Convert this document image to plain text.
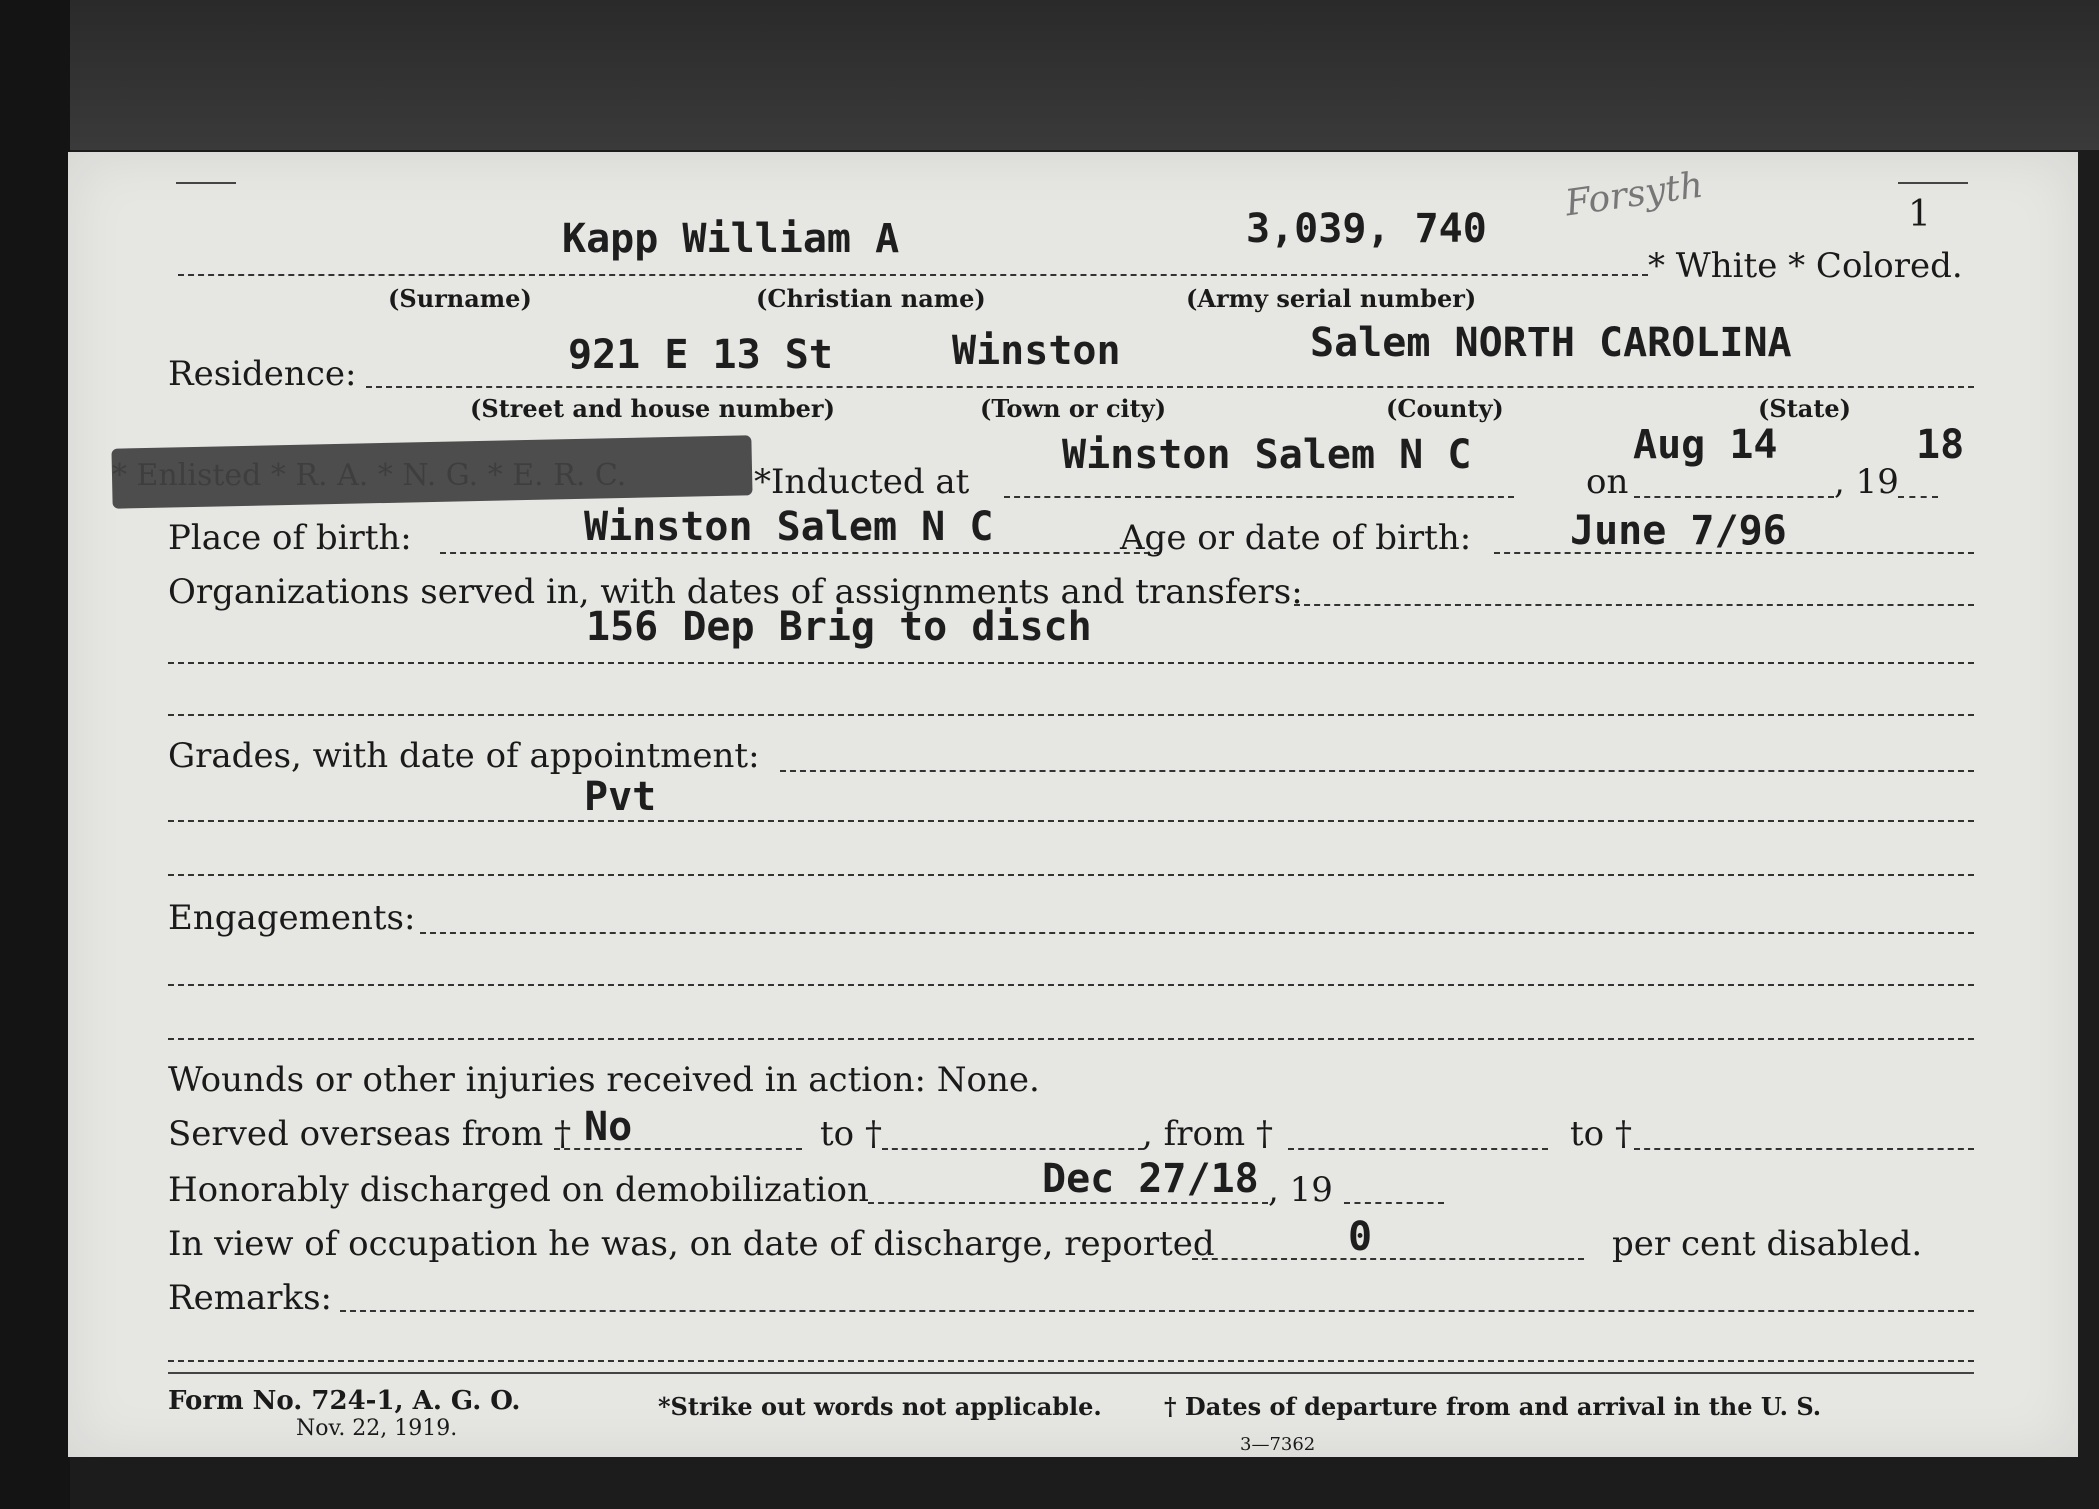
1
Forsyth
Kapp William A	3,039, 740
* White * Colored.
(Surname)	(Christian name)	(Army serial number)
Residence:	921 E 13 St	Winston	Salem NORTH CAROLINA
(Street and house number)	(Town or city)	(County)	(State)
*Inducted at
Winston Salem N C
on
Aug 14
, 19
18
Place of birth:	Winston Salem N C	Age or date of birth: June 7/96
Organizations served in, with dates of assignments and transfers:
156 Dep Brig to disch
Grades, with date of appointment:
Pvt
Engagements:
Wounds or other injuries received in action: None.
Served overseas from † No	to †	, from †	to †
Honorably discharged on demobilization	Dec 27/18 , 19
In view of occupation he was, on date of discharge, reported	0	per cent disabled.
Remarks:
Form No. 724-1, A. G. O.
Nov. 22, 1919.
*Strike out words not applicable.	† Dates of departure from and arrival in the U. S.
3—7362
